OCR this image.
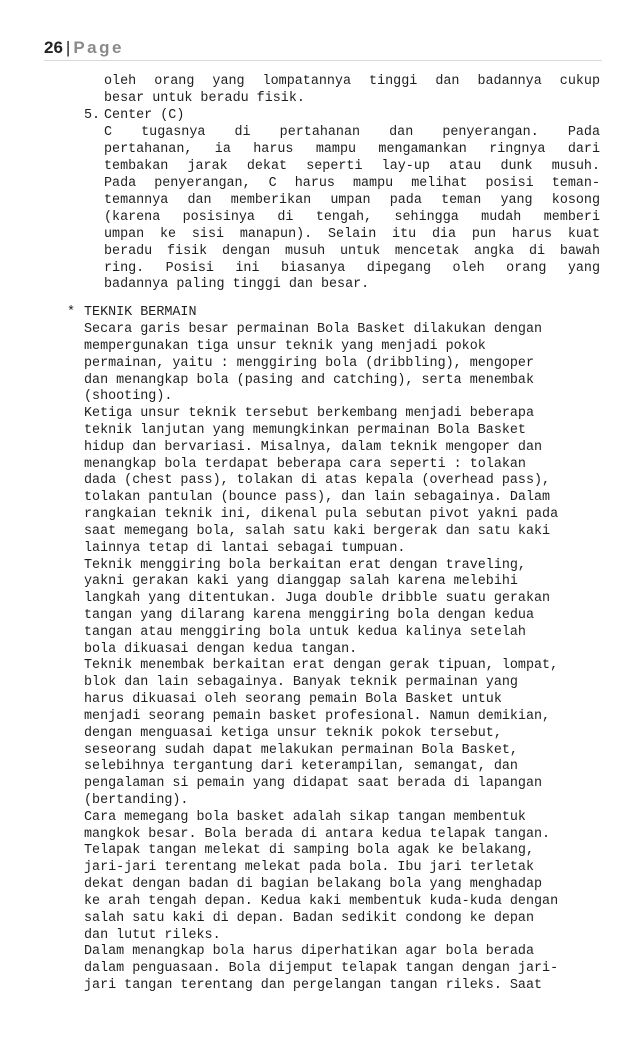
26 | Page

oleh orang yang lompatannya tinggi dan badannya cukup

besar untuk beradu fisik.

5. Center (C)

C tugasnya di pertahanan dan penyerangan. Pada

pertahanan, ia harus mampu mengamankan ringnya dari

tembakan jarak dekat seperti lay-up atau dunk musuh.

Pada penyerangan, C harus mampu melihat posisi teman-

temannya dan memberikan umpan pada teman yang kosong

(karena posisinya di tengah, sehingga mudah memberi

umpan ke sisi manapun). Selain itu dia pun harus kuat

beradu fisik dengan musuh untuk mencetak angka di bawah

ring. Posisi ini biasanya dipegang oleh orang yang

badannya paling tinggi dan besar.

* TEKNIK BERMAIN

Secara garis besar permainan Bola Basket dilakukan dengan

mempergunakan tiga unsur teknik yang menjadi pokok

permainan, yaitu : menggiring bola (dribbling), mengoper

dan menangkap bola (pasing and catching), serta menembak

(shooting).

Ketiga unsur teknik tersebut berkembang menjadi beberapa

teknik lanjutan yang memungkinkan permainan Bola Basket

hidup dan bervariasi. Misalnya, dalam teknik mengoper dan

menangkap bola terdapat beberapa cara seperti : tolakan

dada (chest pass), tolakan di atas kepala (overhead pass),

tolakan pantulan (bounce pass), dan lain sebagainya. Dalam

rangkaian teknik ini, dikenal pula sebutan pivot yakni pada

saat memegang bola, salah satu kaki bergerak dan satu kaki

lainnya tetap di lantai sebagai tumpuan.

Teknik menggiring bola berkaitan erat dengan traveling,

yakni gerakan kaki yang dianggap salah karena melebihi

langkah yang ditentukan. Juga double dribble suatu gerakan

tangan yang dilarang karena menggiring bola dengan kedua

tangan atau menggiring bola untuk kedua kalinya setelah

bola dikuasai dengan kedua tangan.

Teknik menembak berkaitan erat dengan gerak tipuan, lompat,

blok dan lain sebagainya. Banyak teknik permainan yang

harus dikuasai oleh seorang pemain Bola Basket untuk

menjadi seorang pemain basket profesional. Namun demikian,

dengan menguasai ketiga unsur teknik pokok tersebut,

seseorang sudah dapat melakukan permainan Bola Basket,

selebihnya tergantung dari keterampilan, semangat, dan

pengalaman si pemain yang didapat saat berada di lapangan

(bertanding).

Cara memegang bola basket adalah sikap tangan membentuk

mangkok besar. Bola berada di antara kedua telapak tangan.

Telapak tangan melekat di samping bola agak ke belakang,

jari-jari terentang melekat pada bola. Ibu jari terletak

dekat dengan badan di bagian belakang bola yang menghadap

ke arah tengah depan. Kedua kaki membentuk kuda-kuda dengan

salah satu kaki di depan. Badan sedikit condong ke depan

dan lutut rileks.

Dalam menangkap bola harus diperhatikan agar bola berada

dalam penguasaan. Bola dijemput telapak tangan dengan jari-

jari tangan terentang dan pergelangan tangan rileks. Saat
